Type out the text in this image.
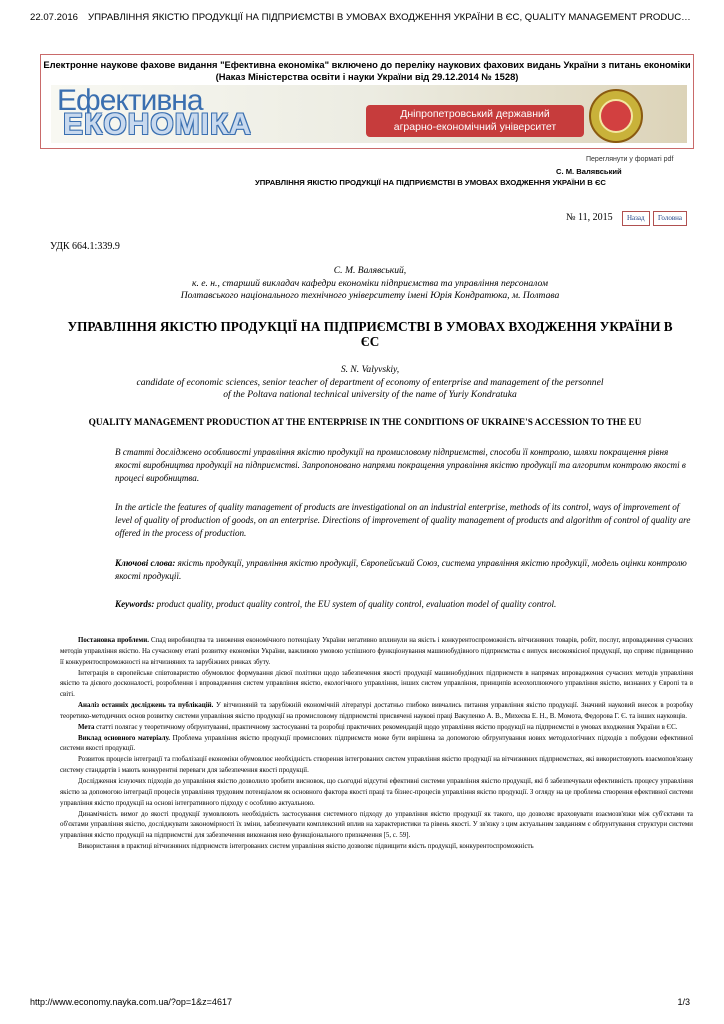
22.07.2016 УПРАВЛІННЯ ЯКІСТЮ ПРОДУКЦІЇ НА ПІДПРИЄМСТВІ В УМОВАХ ВХОДЖЕННЯ УКРАЇНИ В ЄС, QUALITY MANAGEMENT PRODUC…
Електронне наукове фахове видання "Ефективна економіка" включено до переліку наукових фахових видань України з питань економіки (Наказ Міністерства освіти і науки України від 29.12.2014 № 1528)
Ефективна
ЕКОНОМІКА	Дніпропетровський державний
аграрно-економічний університет
Переглянути у форматі pdf
С. М. Валявський
УПРАВЛІННЯ ЯКІСТЮ ПРОДУКЦІЇ НА ПІДПРИЄМСТВІ В УМОВАХ ВХОДЖЕННЯ УКРАЇНИ В ЄС
№ 11, 2015	Назад	Головна
УДК 664.1:339.9
С. М. Валявський,
к. е. н., старший викладач кафедри економіки підприємства та управління персоналом
Полтавського національного технічного університету імені Юрія Кондратюка, м. Полтава
УПРАВЛІННЯ ЯКІСТЮ ПРОДУКЦІЇ НА ПІДПРИЄМСТВІ В УМОВАХ ВХОДЖЕННЯ УКРАЇНИ В ЄС
S. N. Valyvskiy,
candidate of economic sciences, senior teacher of department of economy of enterprise and management of the personnel
of the Poltava national technical university of the name of Yuriy Kondratuka
QUALITY MANAGEMENT PRODUCTION AT THE ENTERPRISE IN THE CONDITIONS OF UKRAINE'S ACCESSION TO THE EU
В статті досліджено особливості управління якістю продукції на промисловому підприємстві, способи її контролю, шляхи покращення рівня якості виробництва продукції на підприємстві. Запропоновано напрями покращення управління якістю продукції та алгоритм контролю якості в процесі виробництва.
In the article the features of quality management of products are investigational on an industrial enterprise, methods of its control, ways of improvement of level of quality of production of goods, on an enterprise. Directions of improvement of quality management of products and algorithm of control of quality are offered in the process of production.
Ключові слова: якість продукції, управління якістю продукції, Європейський Союз, система управління якістю продукції, модель оцінки контролю якості продукції.
Keywords: product quality, product quality control, the EU system of quality control, evaluation model of quality control.

Постановка проблеми. Спад виробництва та зниження економічного потенціалу України негативно вплинули на якість і конкурентоспроможність вітчизняних товарів, робіт, послуг, впровадження сучасних методів управління якістю. На сучасному етапі розвитку економіки України, важливою умовою успішного функціонування машинобудівного підприємства є випуск високоякісної продукції, що сприяє підвищенню її конкурентоспроможності на вітчизняних та зарубіжних ринках збуту.

Інтеграція в європейське співтовариство обумовлює формування дієвої політики щодо забезпечення якості продукції машинобудівних підприємств в напрямах впровадження сучасних методів управління якістю та дієвого досконалості, розроблення і впровадження систем управління якістю, екологічного управління, інших систем управління, принципів всеохоплюючого управління якістю, визнаних у Європі та в світі.

Аналіз останніх досліджень та публікацій. У вітчизняній та зарубіжній економічній літературі достатньо глибоко вивчались питання управління якістю продукції. Значний науковий внесок в розробку теоретико-методичних основ розвитку системи управління якістю продукції на промисловому підприємстві присвячені наукові праці Вакуленко А. В., Михеєва Е. Н., В. Момота, Федорова Г. Є. та інших науковців.

Мета статті полягає у теоретичному обґрунтуванні, практичному застосуванні та розробці практичних рекомендацій щодо управління якістю продукції на підприємстві в умовах входження України в ЄС.

Виклад основного матеріалу. Проблема управління якістю продукції промислових підприємств може бути вирішена за допомогою обгрунтування нових методологічних підходів з побудови ефективної системи якості продукції.

Розвиток процесів інтеграції та глобалізації економіки обумовлює необхідність створення інтегрованих систем управління якістю продукції на вітчизняних підприємствах, які використовують взаємопов'язану систему стандартів і мають конкурентні переваги для забезпечення якості продукції.

Дослідження існуючих підходів до управління якістю дозволило зробити висновок, що сьогодні відсутні ефективні системи управління якістю продукції, які б забезпечували ефективність процесу управління якістю за допомогою інтеграції процесів управління трудовим потенціалом як основного фактора якості праці та бізнес-процесів управління якістю продукції. З огляду на це проблема створення ефективної системи управління якістю продукції на основі інтегративного підходу є особливо актуальною.

Динамічність вимог до якості продукції зумовлюють необхідність застосування системного підходу до управління якістю продукції як такого, що дозволяє враховувати взаємозв'язки між суб'єктами та об'єктами управління якістю, досліджувати закономірності їх зміни, забезпечувати комплексний вплив на характеристики та рівень якості. У зв'язку з цим актуальним завданням є обґрунтування структури системи управління якістю продукції на підприємстві для забезпечення виконання нею функціонального призначення [5, с. 59].

Використання в практиці вітчизняних підприємств інтегрованих систем управління якістю дозволяє підвищити якість продукції, конкурентоспроможність

http://www.economy.nayka.com.ua/?op=1&z=4617	1/3
